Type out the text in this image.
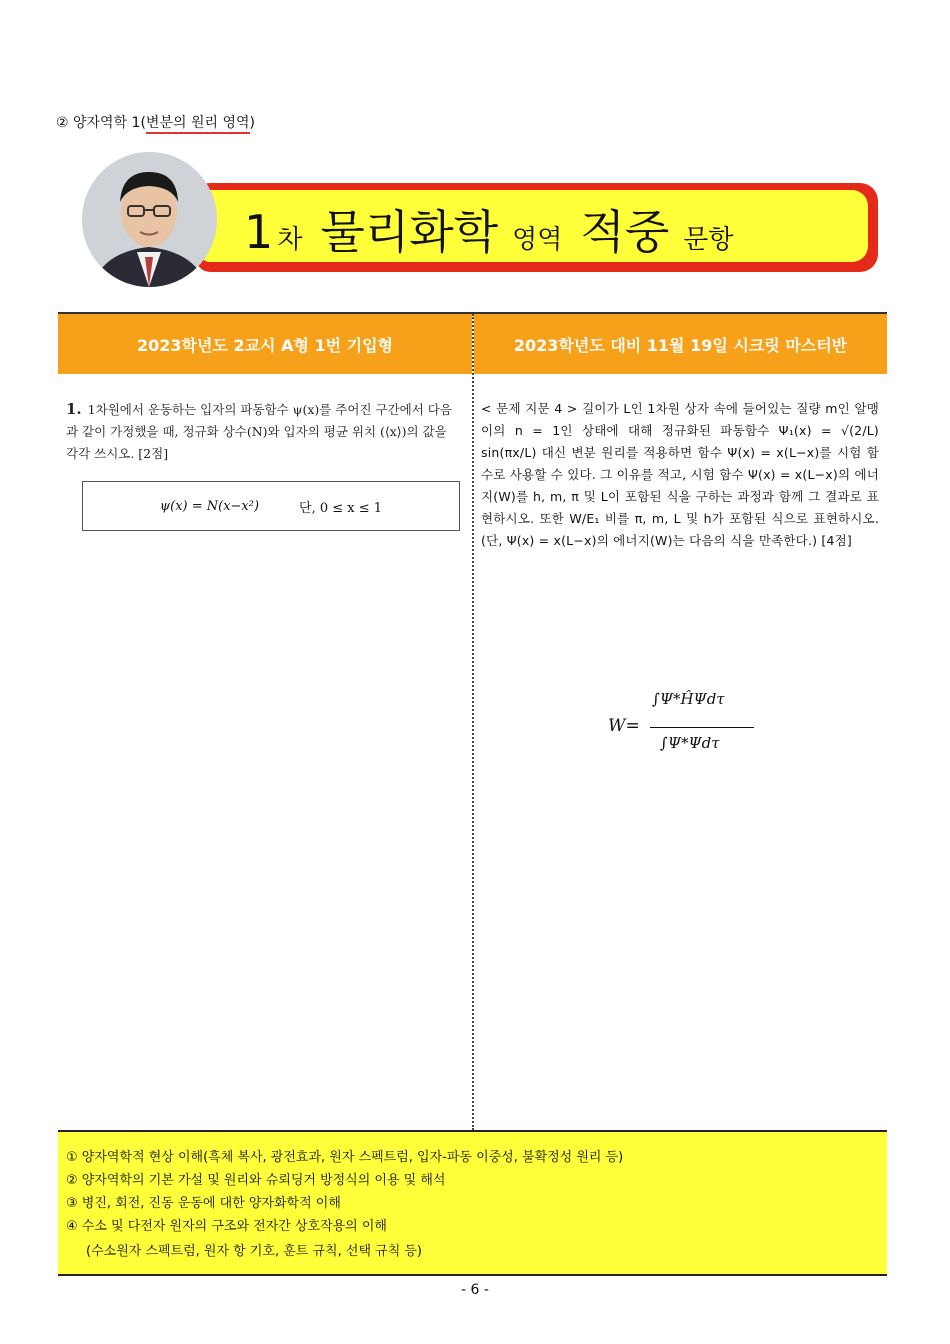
② 양자역학 1(변분의 원리 영역)
1 차 물리화학 영역 적중 문항
2023학년도 2교시 A형 1번 기입형	2023학년도 대비 11월 19일 시크릿 마스터반
1. 1차원에서 운동하는 입자의 파동함수 ψ(x)를 주어진 구간에서 다음과 같이 가정했을 때, 정규화 상수(N)와 입자의 평균 위치 (⟨x⟩)의 값을 각각 쓰시오. [2점]
ψ(x) = N(x−x²)	단, 0 ≤ x ≤ 1
< 문제 지문 4 > 길이가 L인 1차원 상자 속에 들어있는 질량 m인 알맹이의 n = 1인 상태에 대해 정규화된 파동함수 Ψ₁(x) = √(2/L) sin(πx/L) 대신 변분 원리를 적용하면 함수 Ψ(x) = x(L−x)를 시험 함수로 사용할 수 있다. 그 이유를 적고, 시험 함수 Ψ(x) = x(L−x)의 에너지(W)를 h, m, π 및 L이 포함된 식을 구하는 과정과 함께 그 결과로 표현하시오. 또한 W/E₁ 비를 π, m, L 및 h가 포함된 식으로 표현하시오. (단, Ψ(x) = x(L−x)의 에너지(W)는 다음의 식을 만족한다.) [4점]
W=
∫Ψ*ĤΨdτ
∫Ψ*Ψdτ
① 양자역학적 현상 이해(흑체 복사, 광전효과, 원자 스펙트럼, 입자-파동 이중성, 불확정성 원리 등)
② 양자역학의 기본 가설 및 원리와 슈뢰딩거 방정식의 이용 및 해석
③ 병진, 회전, 진동 운동에 대한 양자화학적 이해
④ 수소 및 다전자 원자의 구조와 전자간 상호작용의 이해
(수소원자 스펙트럼, 원자 항 기호, 훈트 규칙, 선택 규칙 등)
- 6 -
